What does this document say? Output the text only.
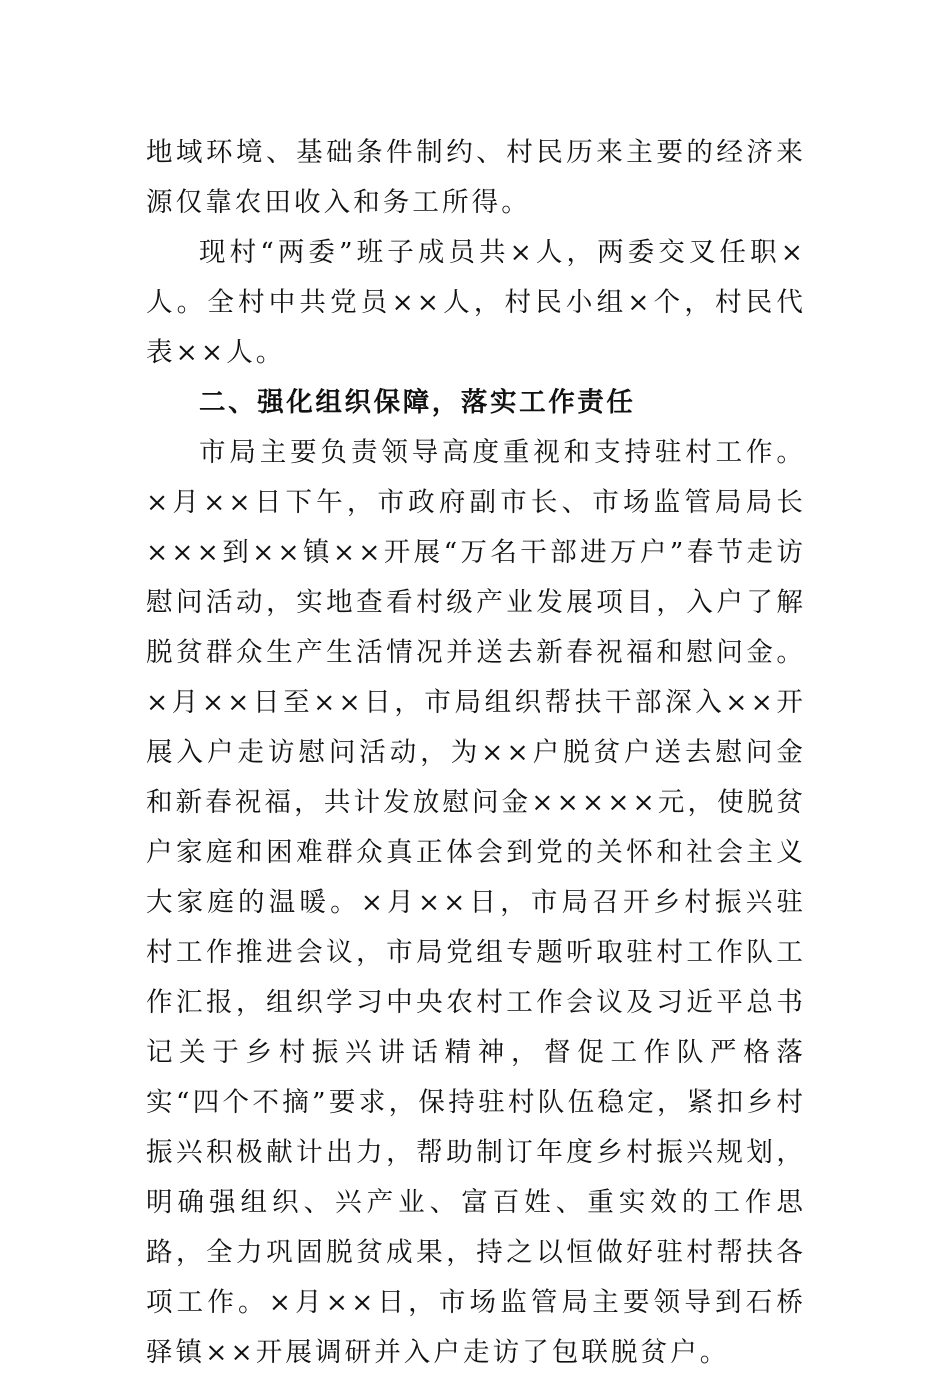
地域环境、基础条件制约、村民历来主要的经济来源仅靠农田收入和务工所得。

现村“两委”班子成员共×人，两委交叉任职×人。全村中共党员××人，村民小组×个，村民代表××人。

二、强化组织保障，落实工作责任

市局主要负责领导高度重视和支持驻村工作。×月××日下午，市政府副市长、市场监管局局长×××到××镇××开展“万名干部进万户”春节走访慰问活动，实地查看村级产业发展项目，入户了解脱贫群众生产生活情况并送去新春祝福和慰问金。×月××日至××日，市局组织帮扶干部深入××开展入户走访慰问活动，为××户脱贫户送去慰问金和新春祝福，共计发放慰问金×××××元，使脱贫户家庭和困难群众真正体会到党的关怀和社会主义大家庭的温暖。×月××日，市局召开乡村振兴驻村工作推进会议，市局党组专题听取驻村工作队工作汇报，组织学习中央农村工作会议及习近平总书记关于乡村振兴讲话精神，督促工作队严格落实“四个不摘”要求，保持驻村队伍稳定，紧扣乡村振兴积极献计出力，帮助制订年度乡村振兴规划，明确强组织、兴产业、富百姓、重实效的工作思路，全力巩固脱贫成果，持之以恒做好驻村帮扶各项工作。×月××日，市场监管局主要领导到石桥驿镇××开展调研并入户走访了包联脱贫户。
